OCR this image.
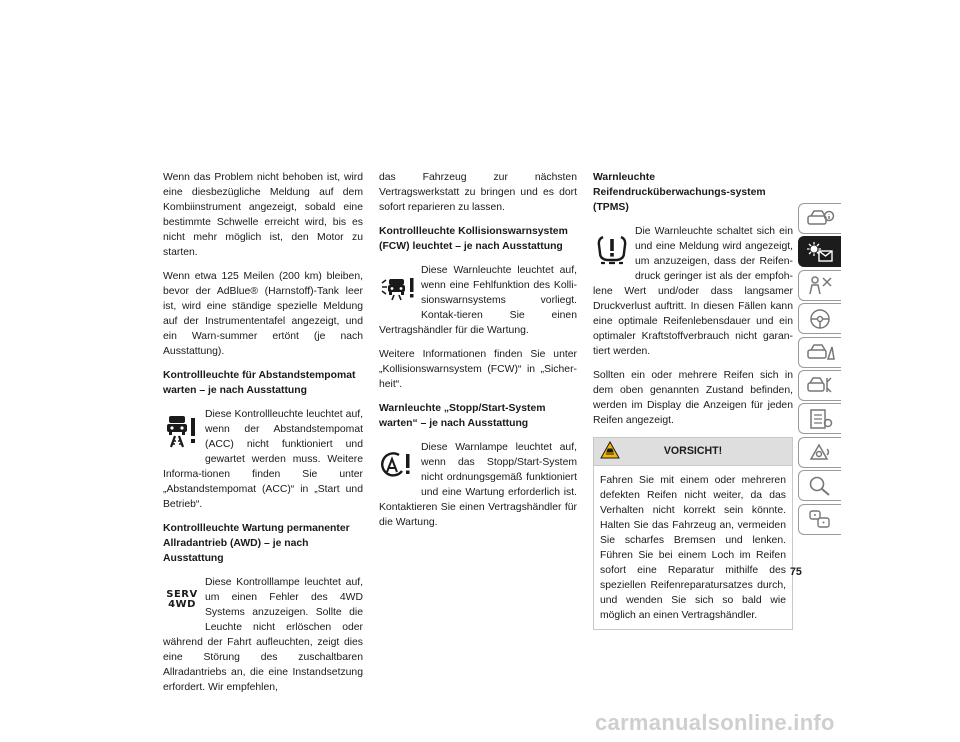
Wenn das Problem nicht behoben ist, wird eine diesbezügliche Meldung auf dem Kombiinstrument angezeigt, sobald eine bestimmte Schwelle erreicht wird, bis es nicht mehr möglich ist, den Motor zu starten.

Wenn etwa 125 Meilen (200 km) bleiben, bevor der AdBlue® (Harnstoff)-Tank leer ist, wird eine ständige spezielle Meldung auf der Instrumententafel angezeigt, und ein Warn-summer ertönt (je nach Ausstattung).

Kontrollleuchte für Abstandstempomat warten – je nach Ausstattung
Diese Kontrollleuchte leuchtet auf, wenn der Abstandstempomat (ACC) nicht funktioniert und gewartet werden muss. Weitere Informa-tionen finden Sie unter „Abstandstempomat (ACC)“ in „Start und Betrieb“.
Kontrollleuchte Wartung permanenter Allradantrieb (AWD) – je nach Ausstattung
SERV
4WD
Diese Kontrolllampe leuchtet auf, um einen Fehler des 4WD Systems anzuzeigen. Sollte die Leuchte nicht erlöschen oder während der Fahrt aufleuchten, zeigt dies eine Störung des zuschaltbaren Allradantriebs an, die eine Instandsetzung erfordert. Wir empfehlen,

das Fahrzeug zur nächsten Vertragswerkstatt zu bringen und es dort sofort reparieren zu lassen.

Kontrollleuchte Kollisionswarnsystem (FCW) leuchtet – je nach Ausstattung
Diese Warnleuchte leuchtet auf, wenn eine Fehlfunktion des Kolli-sionswarnsystems vorliegt. Kontak-tieren Sie einen Vertragshändler für die Wartung.

Weitere Informationen finden Sie unter „Kollisionswarnsystem (FCW)“ in „Sicher-heit“.

Warnleuchte „Stopp/Start-System warten“ – je nach Ausstattung
Diese Warnlampe leuchtet auf, wenn das Stopp/Start-System nicht ordnungsgemäß funktioniert und eine Wartung erforderlich ist. Kontaktieren Sie einen Vertragshändler für die Wartung.
Warnleuchte Reifendrucküberwachungs-system (TPMS)
Die Warnleuchte schaltet sich ein und eine Meldung wird angezeigt, um anzuzeigen, dass der Reifen-druck geringer ist als der empfoh-lene Wert und/oder dass langsamer Druckverlust auftritt. In diesen Fällen kann eine optimale Reifenlebensdauer und ein optimaler Kraftstoffverbrauch nicht garan-tiert werden.

Sollten ein oder mehrere Reifen sich in dem oben genannten Zustand befinden, werden im Display die Anzeigen für jeden Reifen angezeigt.

VORSICHT!
Fahren Sie mit einem oder mehreren defekten Reifen nicht weiter, da das Verhalten nicht korrekt sein könnte. Halten Sie das Fahrzeug an, vermeiden Sie scharfes Bremsen und lenken. Führen Sie bei einem Loch im Reifen sofort eine Reparatur mithilfe des speziellen Reifenreparatursatzes durch, und wenden Sie sich so bald wie möglich an einen Vertragshändler.
75
carmanualsonline.info
